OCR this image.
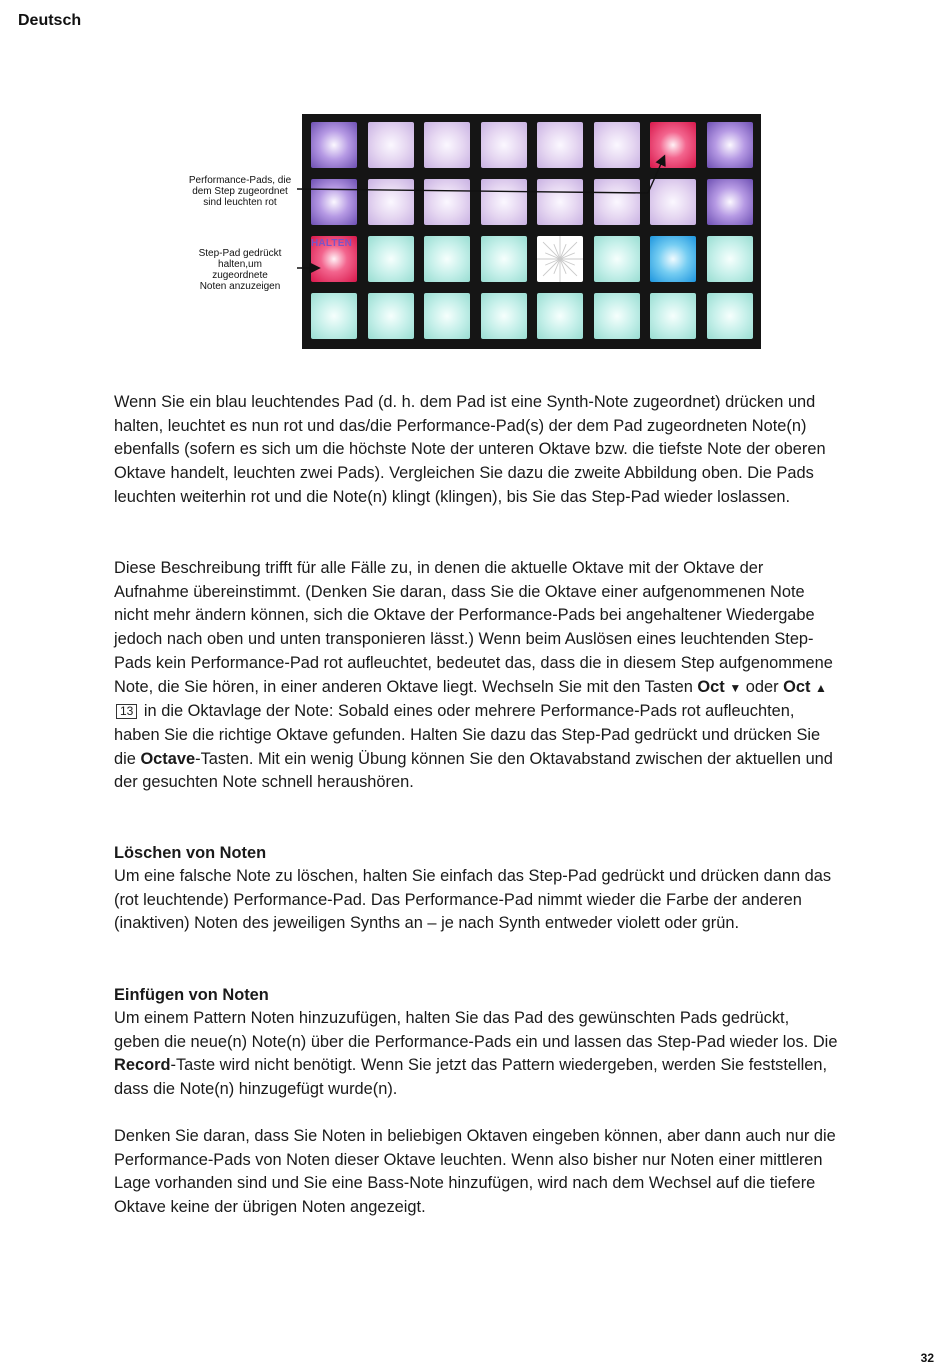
Deutsch
Performance-Pads, die
dem Step zugeordnet
sind leuchten rot
Step-Pad gedrückt
halten,um
zugeordnete
Noten anzuzeigen
HALTEN

Wenn Sie ein blau leuchtendes Pad (d. h. dem Pad ist eine Synth-Note zugeordnet) drücken und halten, leuchtet es nun rot und das/die Performance-Pad(s) der dem Pad zugeordneten Note(n) ebenfalls (sofern es sich um die höchste Note der unteren Oktave bzw. die tiefste Note der oberen Oktave handelt, leuchten zwei Pads). Vergleichen Sie dazu die zweite Abbildung oben. Die Pads leuchten weiterhin rot und die Note(n) klingt (klingen), bis Sie das Step-Pad wieder loslassen.

Diese Beschreibung trifft für alle Fälle zu, in denen die aktuelle Oktave mit der Oktave der Aufnahme übereinstimmt. (Denken Sie daran, dass Sie die Oktave einer aufgenommenen Note nicht mehr ändern können, sich die Oktave der Performance-Pads bei angehaltener Wiedergabe jedoch nach oben und unten transponieren lässt.) Wenn beim Auslösen eines leuchtenden Step-Pads kein Performance-Pad rot aufleuchtet, bedeutet das, dass die in diesem Step aufgenommene Note, die Sie hören, in einer anderen Oktave liegt. Wechseln Sie mit den Tasten Oct ▼ oder Oct ▲ 13 in die Oktavlage der Note: Sobald eines oder mehrere Performance-Pads rot aufleuchten, haben Sie die richtige Oktave gefunden. Halten Sie dazu das Step-Pad gedrückt und drücken Sie die Octave-Tasten. Mit ein wenig Übung können Sie den Oktavabstand zwischen der aktuellen und der gesuchten Note schnell heraushören.

Löschen von Noten

Um eine falsche Note zu löschen, halten Sie einfach das Step-Pad gedrückt und drücken dann das (rot leuchtende) Performance-Pad. Das Performance-Pad nimmt wieder die Farbe der anderen (inaktiven) Noten des jeweiligen Synths an – je nach Synth entweder violett oder grün.

Einfügen von Noten

Um einem Pattern Noten hinzuzufügen, halten Sie das Pad des gewünschten Pads gedrückt, geben die neue(n) Note(n) über die Performance-Pads ein und lassen das Step-Pad wieder los. Die Record-Taste wird nicht benötigt. Wenn Sie jetzt das Pattern wiedergeben, werden Sie feststellen, dass die Note(n) hinzugefügt wurde(n).

Denken Sie daran, dass Sie Noten in beliebigen Oktaven eingeben können, aber dann auch nur die Performance-Pads von Noten dieser Oktave leuchten. Wenn also bisher nur Noten einer mittleren Lage vorhanden sind und Sie eine Bass-Note hinzufügen, wird nach dem Wechsel auf die tiefere Oktave keine der übrigen Noten angezeigt.

32
